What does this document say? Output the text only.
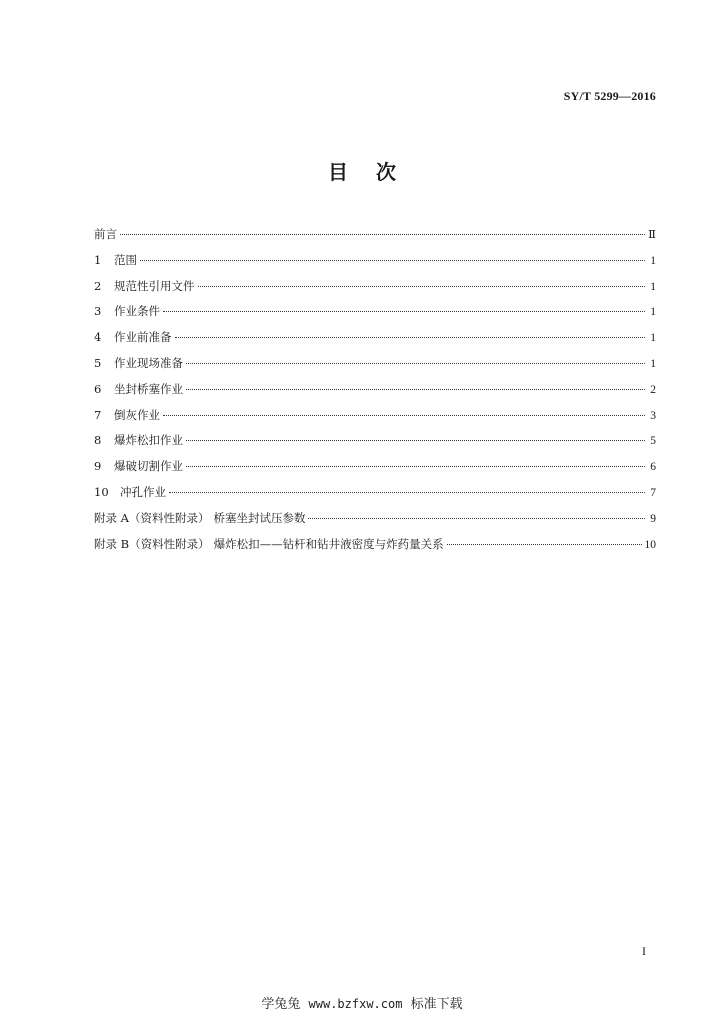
SY/T 5299—2016
目次
前言	Ⅱ
1	范围	1
2	规范性引用文件	1
3	作业条件	1
4	作业前准备	1
5	作业现场准备	1
6	坐封桥塞作业	2
7	倒灰作业	3
8	爆炸松扣作业	5
9	爆破切割作业	6
10 冲孔作业	7
附录 A（资料性附录） 桥塞坐封试压参数	9
附录 B（资料性附录） 爆炸松扣——钻杆和钻井液密度与炸药量关系	10
I
学兔兔 www.bzfxw.com 标准下载
